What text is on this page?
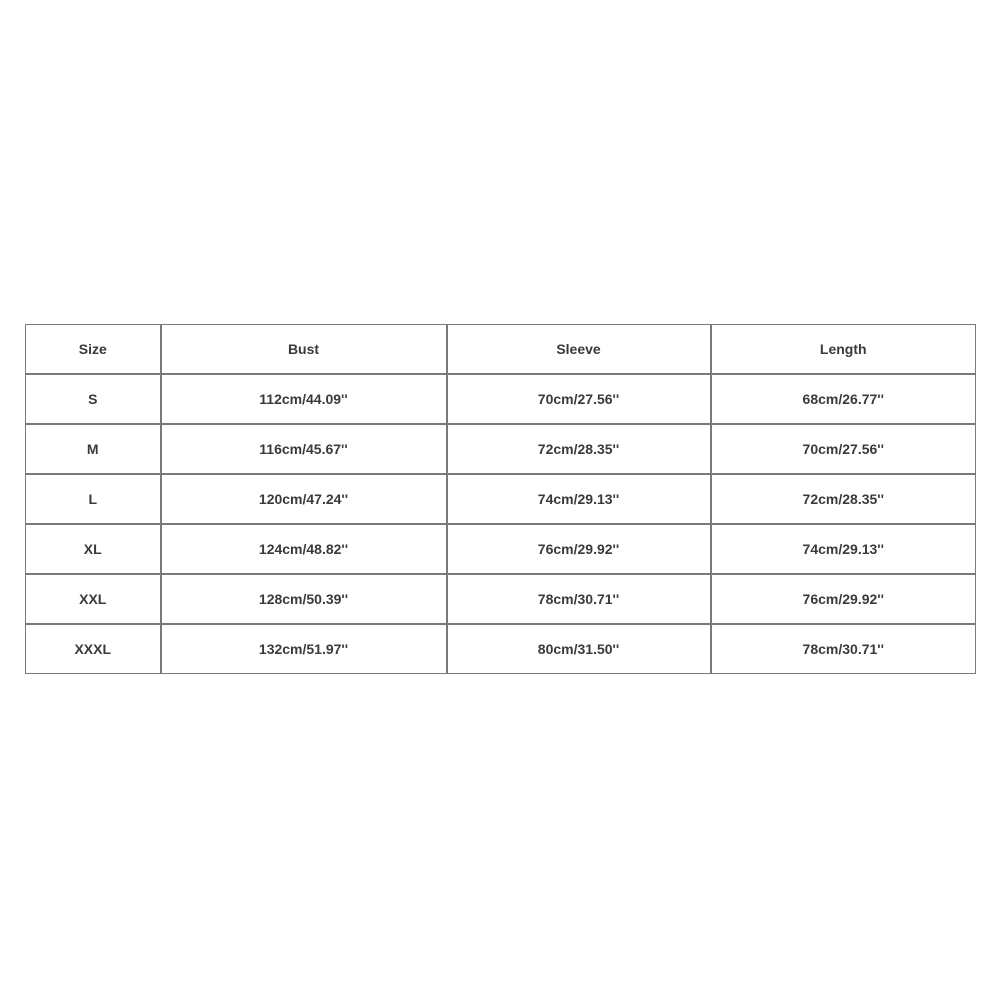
Size	Bust	Sleeve	Length
S	112cm/44.09''	70cm/27.56''	68cm/26.77''
M	116cm/45.67''	72cm/28.35''	70cm/27.56''
L	120cm/47.24''	74cm/29.13''	72cm/28.35''
XL	124cm/48.82''	76cm/29.92''	74cm/29.13''
XXL	128cm/50.39''	78cm/30.71''	76cm/29.92''
XXXL	132cm/51.97''	80cm/31.50''	78cm/30.71''
